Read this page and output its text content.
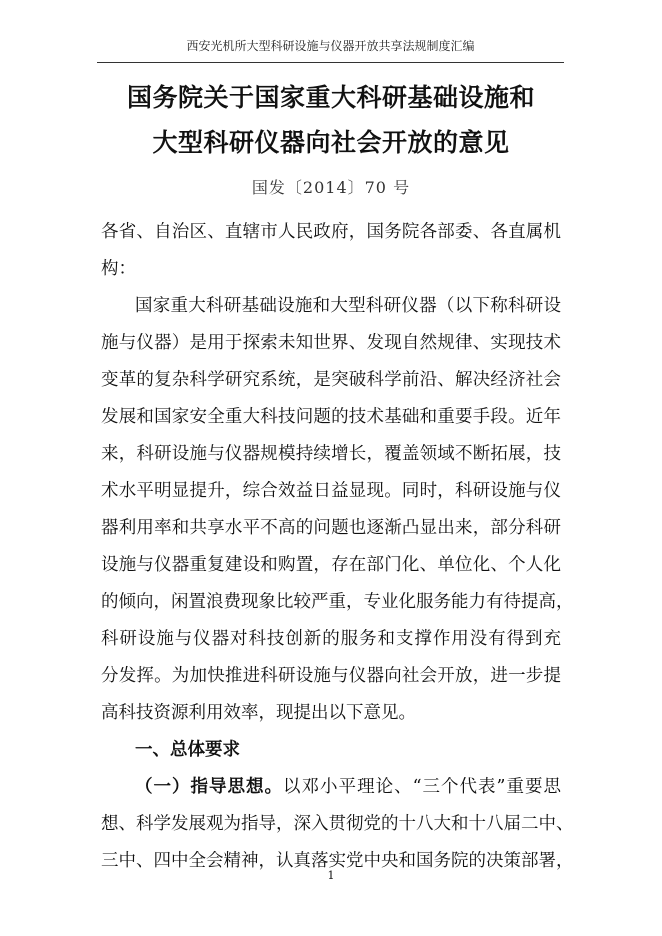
西安光机所大型科研设施与仪器开放共享法规制度汇编
国务院关于国家重大科研基础设施和
大型科研仪器向社会开放的意见
国发〔2014〕70 号
各省、自治区、直辖市人民政府，国务院各部委、各直属机
构：
国家重大科研基础设施和大型科研仪器（以下称科研设
施与仪器）是用于探索未知世界、发现自然规律、实现技术
变革的复杂科学研究系统，是突破科学前沿、解决经济社会
发展和国家安全重大科技问题的技术基础和重要手段。近年
来，科研设施与仪器规模持续增长，覆盖领域不断拓展，技
术水平明显提升，综合效益日益显现。同时，科研设施与仪
器利用率和共享水平不高的问题也逐渐凸显出来，部分科研
设施与仪器重复建设和购置，存在部门化、单位化、个人化
的倾向，闲置浪费现象比较严重，专业化服务能力有待提高，
科研设施与仪器对科技创新的服务和支撑作用没有得到充
分发挥。为加快推进科研设施与仪器向社会开放，进一步提
高科技资源利用效率，现提出以下意见。
一、总体要求
（一）指导思想。以邓小平理论、“三个代表”重要思
想、科学发展观为指导，深入贯彻党的十八大和十八届二中、
三中、四中全会精神，认真落实党中央和国务院的决策部署，
1
